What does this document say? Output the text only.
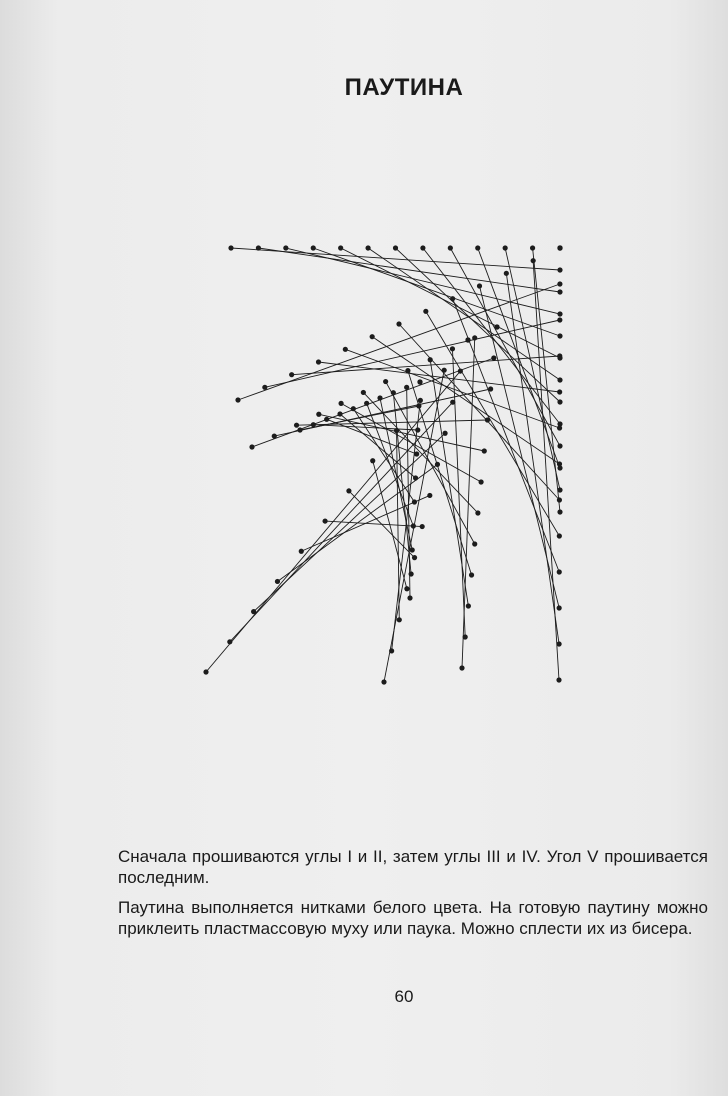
ПАУТИНА

Сначала прошиваются углы I и II, затем углы III и IV. Угол V прошивается последним.

Паутина выполняется нитками белого цвета. На готовую паутину можно приклеить пластмассовую муху или паука. Можно сплести их из бисера.

60
